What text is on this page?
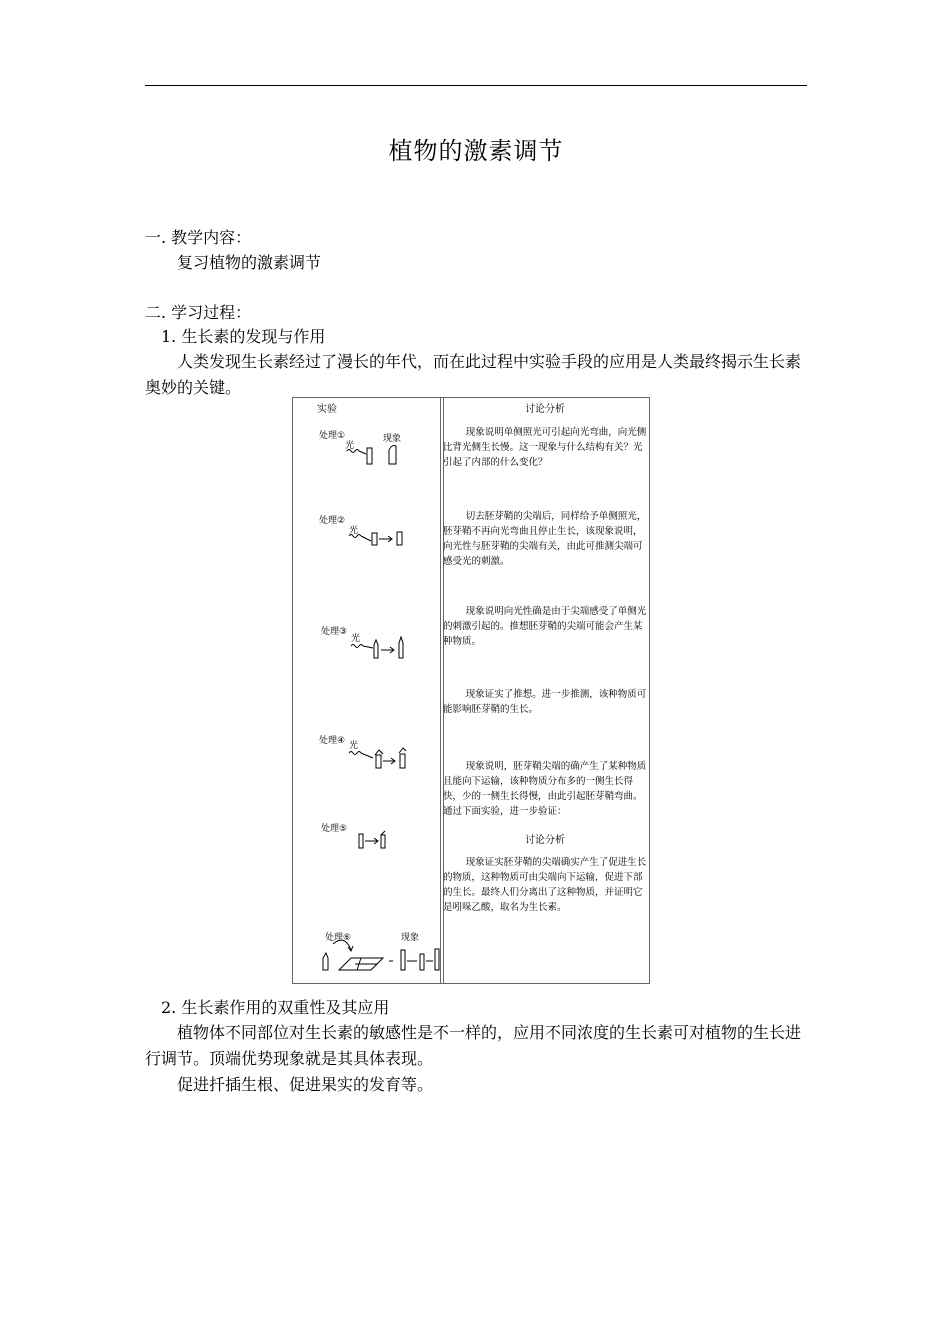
植物的激素调节
一. 教学内容：
复习植物的激素调节
二. 学习过程：
1. 生长素的发现与作用
人类发现生长素经过了漫长的年代，而在此过程中实验手段的应用是人类最终揭示生长素奥妙的关键。
实验	讨论分析
处理①
光
现象
处理②
光
处理③
光
处理④ 光
处理⑤
处理⑥	现象
现象说明单侧照光可引起向光弯曲，向光侧比背光侧生长慢。这一现象与什么结构有关？光引起了内部的什么变化？
切去胚芽鞘的尖端后，同样给予单侧照光，胚芽鞘不再向光弯曲且停止生长，该现象说明，向光性与胚芽鞘的尖端有关，由此可推测尖端可感受光的刺激。
现象说明向光性确是由于尖端感受了单侧光的刺激引起的。推想胚芽鞘的尖端可能会产生某种物质。
现象证实了推想。进一步推测，该种物质可能影响胚芽鞘的生长。
现象说明，胚芽鞘尖端的确产生了某种物质且能向下运输，该种物质分布多的一侧生长得快，少的一侧生长得慢，由此引起胚芽鞘弯曲。通过下面实验，进一步验证：
讨论分析
现象证实胚芽鞘的尖端确实产生了促进生长的物质，这种物质可由尖端向下运输，促进下部的生长。最终人们分离出了这种物质，并证明它是吲哚乙酸，取名为生长素。
2. 生长素作用的双重性及其应用
植物体不同部位对生长素的敏感性是不一样的，应用不同浓度的生长素可对植物的生长进行调节。顶端优势现象就是其具体表现。
促进扦插生根、促进果实的发育等。
